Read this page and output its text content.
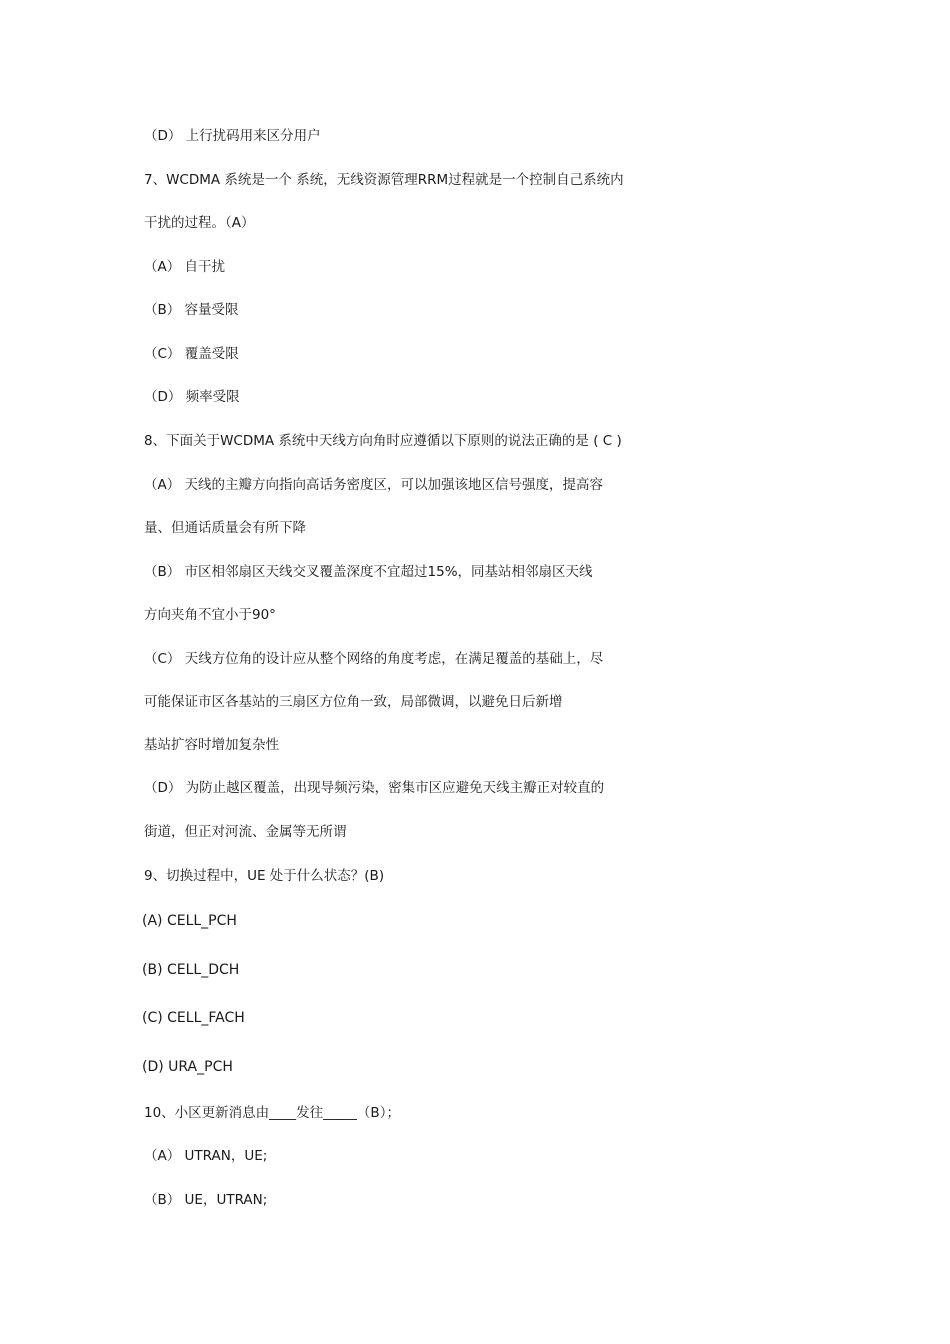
（D） 上行扰码用来区分用户

7、WCDMA 系统是一个 系统，无线资源管理RRM过程就是一个控制自己系统内

干扰的过程。（A）

（A） 自干扰

（B） 容量受限

（C） 覆盖受限

（D） 频率受限

8、下面关于WCDMA 系统中天线方向角时应遵循以下原则的说法正确的是 ( C )

（A） 天线的主瓣方向指向高话务密度区，可以加强该地区信号强度，提高容

量、但通话质量会有所下降

（B） 市区相邻扇区天线交叉覆盖深度不宜超过15%，同基站相邻扇区天线

方向夹角不宜小于90°

（C） 天线方位角的设计应从整个网络的角度考虑，在满足覆盖的基础上，尽

可能保证市区各基站的三扇区方位角一致，局部微调，以避免日后新增

基站扩容时增加复杂性

（D） 为防止越区覆盖，出现导频污染，密集市区应避免天线主瓣正对较直的

街道，但正对河流、金属等无所谓

9、切换过程中，UE 处于什么状态？(B)

(A) CELL_PCH

(B) CELL_DCH

(C) CELL_FACH

(D) URA_PCH

10、小区更新消息由____发往_____（B）；

（A） UTRAN，UE;

（B） UE，UTRAN;
